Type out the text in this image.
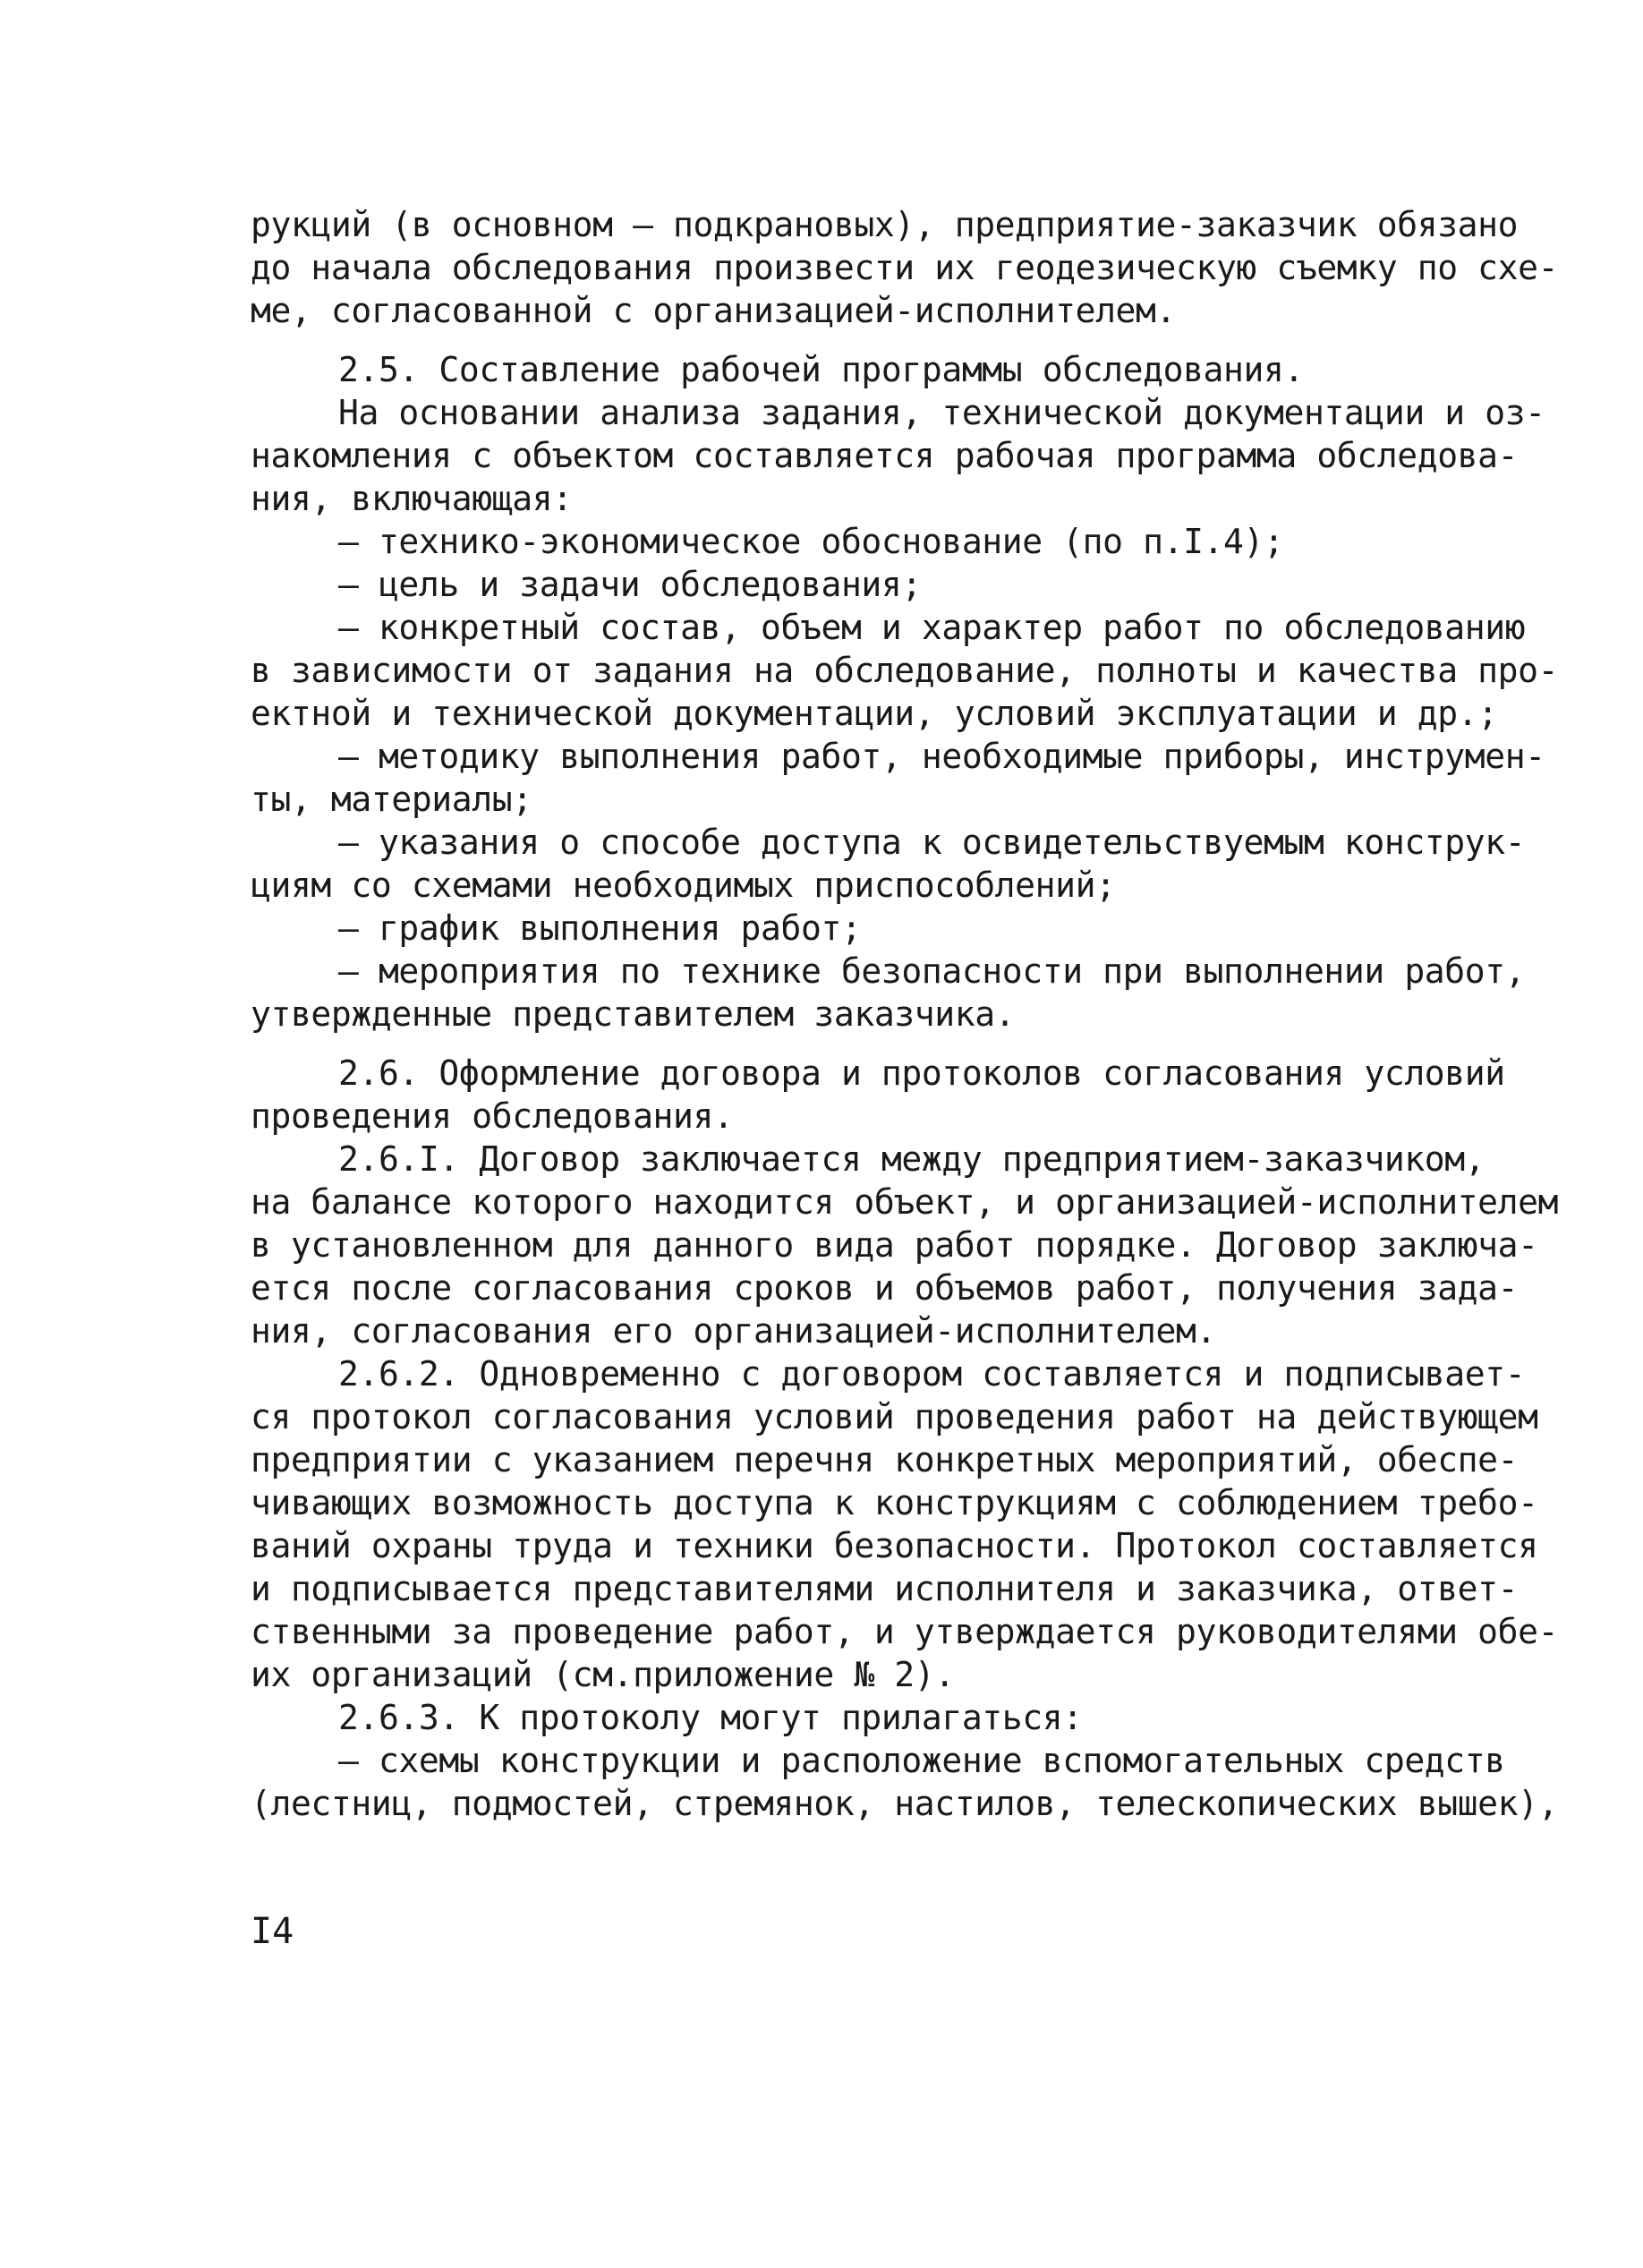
рукций (в основном – подкрановых), предприятие-заказчик обязано
до начала обследования произвести их геодезическую съемку по схе-
ме, согласованной с организацией-исполнителем.
2.5. Составление рабочей программы обследования.
На основании анализа задания, технической документации и оз-
накомления с объектом составляется рабочая программа обследова-
ния, включающая:
– технико-экономическое обоснование (по п.I.4);
– цель и задачи обследования;
– конкретный состав, объем и характер работ по обследованию
в зависимости от задания на обследование, полноты и качества про-
ектной и технической документации, условий эксплуатации и др.;
– методику выполнения работ, необходимые приборы, инструмен-
ты, материалы;
– указания о способе доступа к освидетельствуемым конструк-
циям со схемами необходимых приспособлений;
– график выполнения работ;
– мероприятия по технике безопасности при выполнении работ,
утвержденные представителем заказчика.
2.6. Оформление договора и протоколов согласования условий
проведения обследования.
2.6.I. Договор заключается между предприятием-заказчиком,
на балансе которого находится объект, и организацией-исполнителем
в установленном для данного вида работ порядке. Договор заключа-
ется после согласования сроков и объемов работ, получения зада-
ния, согласования его организацией-исполнителем.
2.6.2. Одновременно с договором составляется и подписывает-
ся протокол согласования условий проведения работ на действующем
предприятии с указанием перечня конкретных мероприятий, обеспе-
чивающих возможность доступа к конструкциям с соблюдением требо-
ваний охраны труда и техники безопасности. Протокол составляется
и подписывается представителями исполнителя и заказчика, ответ-
ственными за проведение работ, и утверждается руководителями обе-
их организаций (см.приложение № 2).
2.6.3. К протоколу могут прилагаться:
– схемы конструкции и расположение вспомогательных средств
(лестниц, подмостей, стремянок, настилов, телескопических вышек),
I4
